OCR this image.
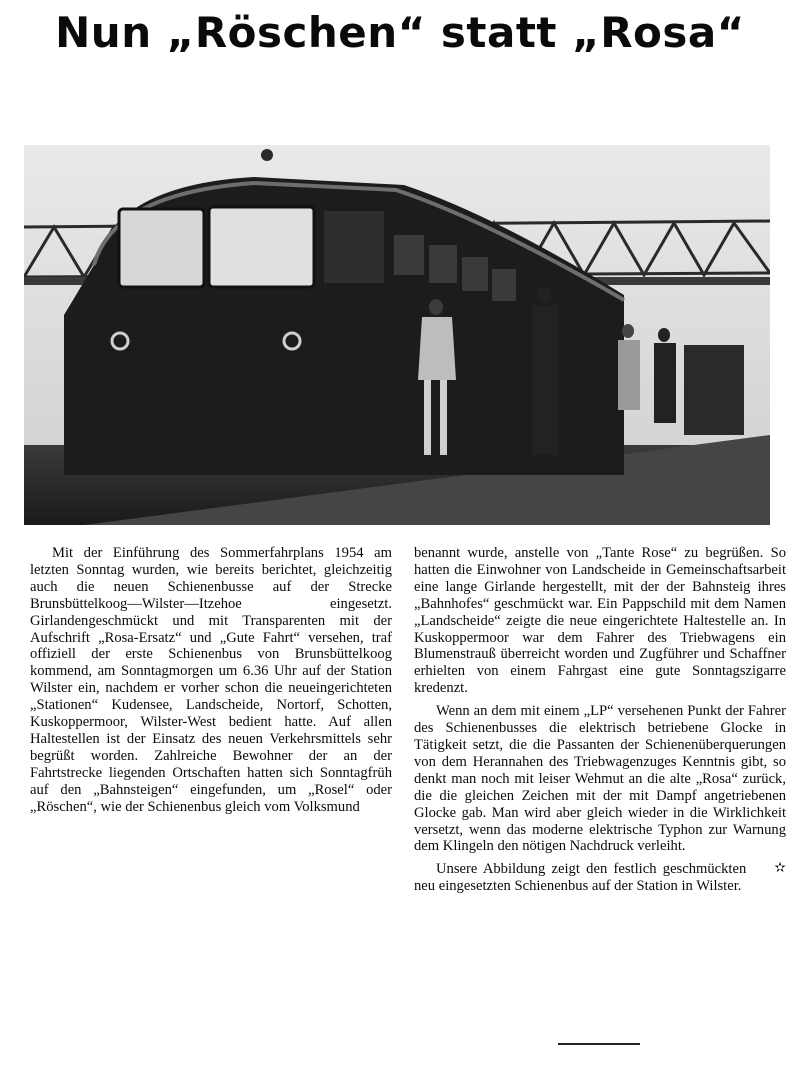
Nun „Röschen“ statt „Rosa“

Mit der Einführung des Sommerfahrplans 1954 am letzten Sonntag wurden, wie bereits berichtet, gleichzeitig auch die neuen Schienenbusse auf der Strecke Brunsbüttelkoog—Wilster—Itzehoe eingesetzt. Girlandengeschmückt und mit Transparenten mit der Aufschrift „Rosa-Ersatz“ und „Gute Fahrt“ versehen, traf offiziell der erste Schienenbus von Brunsbüttelkoog kommend, am Sonntagmorgen um 6.36 Uhr auf der Station Wilster ein, nachdem er vorher schon die neueingerichteten „Stationen“ Kudensee, Landscheide, Nortorf, Schotten, Kuskoppermoor, Wilster-West bedient hatte. Auf allen Haltestellen ist der Einsatz des neuen Verkehrsmittels sehr begrüßt worden. Zahlreiche Bewohner der an der Fahrtstrecke liegenden Ortschaften hatten sich Sonntagfrüh auf den „Bahnsteigen“ eingefunden, um „Rosel“ oder „Röschen“, wie der Schienenbus gleich vom Volksmund

benannt wurde, anstelle von „Tante Rose“ zu begrüßen. So hatten die Einwohner von Landscheide in Gemeinschaftsarbeit eine lange Girlande hergestellt, mit der der Bahnsteig ihres „Bahnhofes“ geschmückt war. Ein Pappschild mit dem Namen „Landscheide“ zeigte die neue eingerichtete Haltestelle an. In Kuskoppermoor war dem Fahrer des Triebwagens ein Blumenstrauß überreicht worden und Zugführer und Schaffner erhielten von einem Fahrgast eine gute Sonntagszigarre kredenzt.

Wenn an dem mit einem „LP“ versehenen Punkt der Fahrer des Schienenbusses die elektrisch betriebene Glocke in Tätigkeit setzt, die die Passanten der Schienenüberquerungen von dem Herannahen des Triebwagenzuges Kenntnis gibt, so denkt man noch mit leiser Wehmut an die alte „Rosa“ zurück, die die gleichen Zeichen mit der mit Dampf angetriebenen Glocke gab. Man wird aber gleich wieder in die Wirklichkeit versetzt, wenn das moderne elektrische Typhon zur Warnung dem Klingeln den nötigen Nachdruck verleiht.

✫
Unsere Abbildung zeigt den festlich geschmückten neu eingesetzten Schienenbus auf der Station in Wilster.
